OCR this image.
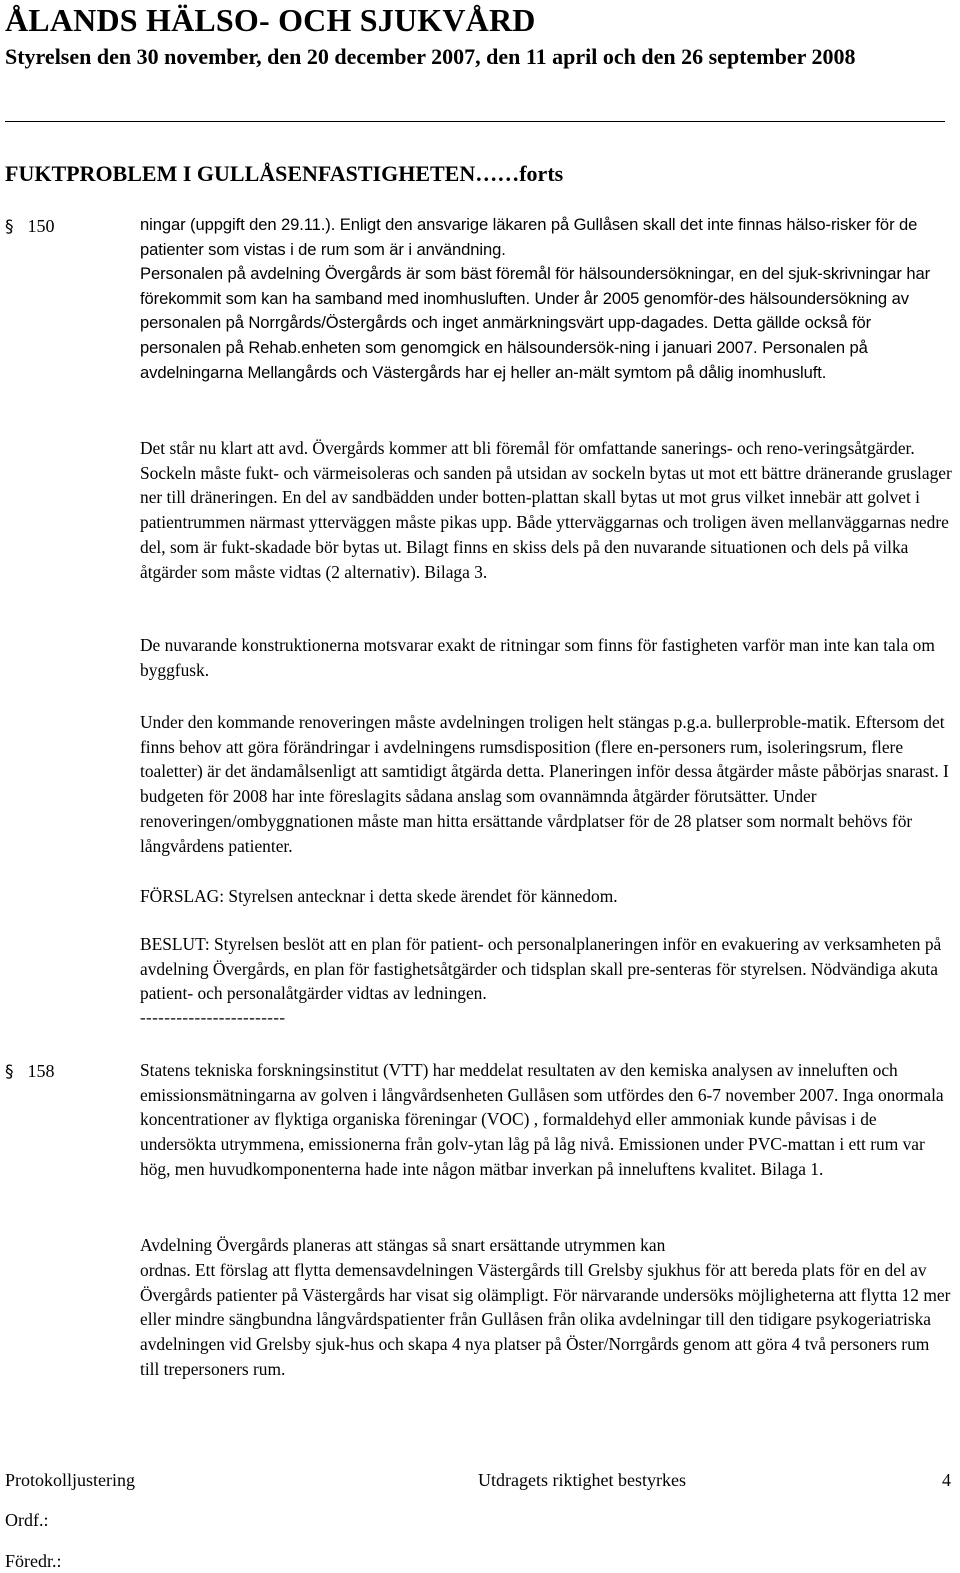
ÅLANDS HÄLSO- OCH SJUKVÅRD
Styrelsen den 30 november, den 20 december 2007, den 11 april och den 26 september 2008
FUKTPROBLEM I GULLÅSENFASTIGHETEN……forts
§ 150	ningar (uppgift den 29.11.). Enligt den ansvarige läkaren på Gullåsen skall det inte finnas hälso-risker för de patienter som vistas i de rum som är i användning.

Personalen på avdelning Övergårds är som bäst föremål för hälsoundersökningar, en del sjuk-skrivningar har förekommit som kan ha samband med inomhusluften. Under år 2005 genomför-des hälsoundersökning av personalen på Norrgårds/Östergårds och inget anmärkningsvärt upp-dagades. Detta gällde också för personalen på Rehab.enheten som genomgick en hälsoundersök-ning i januari 2007. Personalen på avdelningarna Mellangårds och Västergårds har ej heller an-mält symtom på dålig inomhusluft.

Det står nu klart att avd. Övergårds kommer att bli föremål för omfattande sanerings- och reno-veringsåtgärder. Sockeln måste fukt- och värmeisoleras och sanden på utsidan av sockeln bytas ut mot ett bättre dränerande gruslager ner till dräneringen. En del av sandbädden under botten-plattan skall bytas ut mot grus vilket innebär att golvet i patientrummen närmast ytterväggen måste pikas upp. Både ytterväggarnas och troligen även mellanväggarnas nedre del, som är fukt-skadade bör bytas ut. Bilagt finns en skiss dels på den nuvarande situationen och dels på vilka åtgärder som måste vidtas (2 alternativ). Bilaga 3.

De nuvarande konstruktionerna motsvarar exakt de ritningar som finns för fastigheten varför man inte kan tala om byggfusk.

Under den kommande renoveringen måste avdelningen troligen helt stängas p.g.a. bullerproble-matik. Eftersom det finns behov att göra förändringar i avdelningens rumsdisposition (flere en-personers rum, isoleringsrum, flere toaletter) är det ändamålsenligt att samtidigt åtgärda detta. Planeringen inför dessa åtgärder måste påbörjas snarast. I budgeten för 2008 har inte föreslagits sådana anslag som ovannämnda åtgärder förutsätter. Under renoveringen/ombyggnationen måste man hitta ersättande vårdplatser för de 28 platser som normalt behövs för långvårdens patienter.

FÖRSLAG: Styrelsen antecknar i detta skede ärendet för kännedom.

BESLUT: Styrelsen beslöt att en plan för patient- och personalplaneringen inför en evakuering av verksamheten på avdelning Övergårds, en plan för fastighetsåtgärder och tidsplan skall pre-senteras för styrelsen. Nödvändiga akuta patient- och personalåtgärder vidtas av ledningen.

------------------------
§ 158	Statens tekniska forskningsinstitut (VTT) har meddelat resultaten av den kemiska analysen av inneluften och emissionsmätningarna av golven i långvårdsenheten Gullåsen som utfördes den 6-7 november 2007. Inga onormala koncentrationer av flyktiga organiska föreningar (VOC) , formaldehyd eller ammoniak kunde påvisas i de undersökta utrymmena, emissionerna från golv-ytan låg på låg nivå. Emissionen under PVC-mattan i ett rum var hög, men huvudkomponenterna hade inte någon mätbar inverkan på inneluftens kvalitet. Bilaga 1.

Avdelning Övergårds planeras att stängas så snart ersättande utrymmen kan

ordnas. Ett förslag att flytta demensavdelningen Västergårds till Grelsby sjukhus för att bereda plats för en del av Övergårds patienter på Västergårds har visat sig olämpligt. För närvarande undersöks möjligheterna att flytta 12 mer eller mindre sängbundna långvårdspatienter från Gullåsen från olika avdelningar till den tidigare psykogeriatriska avdelningen vid Grelsby sjuk-hus och skapa 4 nya platser på Öster/Norrgårds genom att göra 4 två personers rum till trepersoners rum.

Protokolljustering	Utdragets riktighet bestyrkes	4
Ordf.:
Föredr.:
